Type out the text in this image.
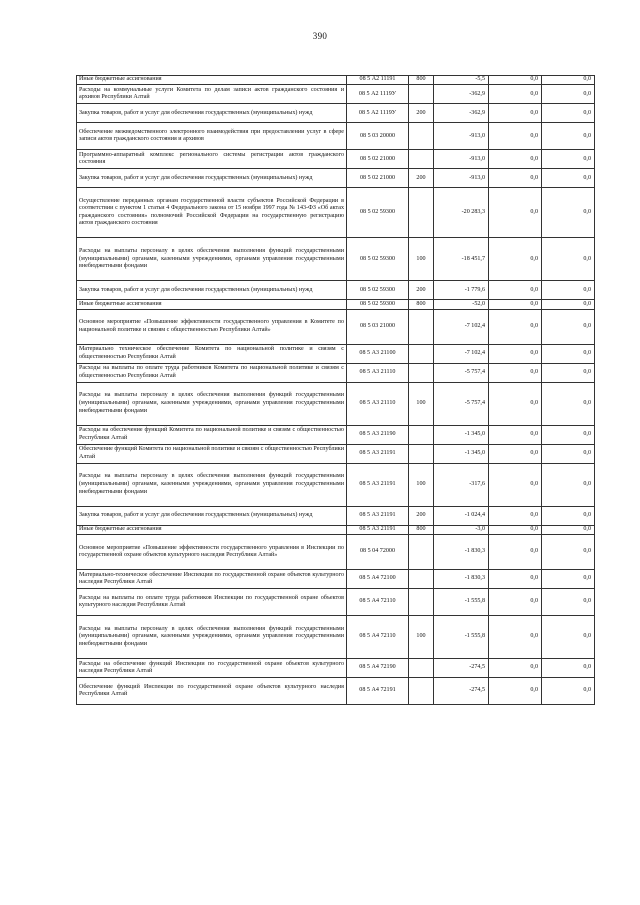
390
Иные бюджетные ассигнования	08 5 А2 11191	800	-5,5	0,0	0,0
Расходы на коммунальные услуги Комитета по делам записи актов гражданского состояния и архивов Республики Алтай	08 5 А2 1119У		-362,9	0,0	0,0
Закупка товаров, работ и услуг для обеспечения государственных (муниципальных) нужд	08 5 А2 1119У	200	-362,9	0,0	0,0
Обеспечение межведомственного электронного взаимодействия при предоставлении услуг в сфере записи актов гражданского состояния и архивов	08 5 03 20000		-913,0	0,0	0,0
Программно-аппаратный комплекс регионального системы регистрации актов гражданского состояния	08 5 02 21000		-913,0	0,0	0,0
Закупка товаров, работ и услуг для обеспечения государственных (муниципальных) нужд	08 5 02 21000	200	-913,0	0,0	0,0
Осуществление переданных органам государственной власти субъектов Российской Федерации в соответствии с пунктом 1 статьи 4 Федерального закона от 15 ноября 1997 года № 143-ФЗ «Об актах гражданского состояния» полномочий Российской Федерации на государственную регистрацию актов гражданского состояния	08 5 02 59300		-20 283,3	0,0	0,0
Расходы на выплаты персоналу в целях обеспечения выполнения функций государственными (муниципальными) органами, казенными учреждениями, органами управления государственными внебюджетными фондами	08 5 02 59300	100	-18 451,7	0,0	0,0
Закупка товаров, работ и услуг для обеспечения государственных (муниципальных) нужд	08 5 02 59300	200	-1 779,6	0,0	0,0
Иные бюджетные ассигнования	08 5 02 59300	800	-52,0	0,0	0,0
Основное мероприятие «Повышение эффективности государственного управления в Комитете по национальной политике и связям с общественностью Республики Алтай»	08 5 03 21000		-7 102,4	0,0	0,0
Материально техническое обеспечение Комитета по национальной политике и связям с общественностью Республики Алтай	08 5 А3 21100		-7 102,4	0,0	0,0
Расходы на выплаты по оплате труда работников Комитета по национальной политике и связям с общественностью Республики Алтай	08 5 А3 21110		-5 757,4	0,0	0,0
Расходы на выплаты персоналу в целях обеспечения выполнения функций государственными (муниципальными) органами, казенными учреждениями, органами управления государственными внебюджетными фондами	08 5 А3 21110	100	-5 757,4	0,0	0,0
Расходы на обеспечение функций Комитета по национальной политике и связям с общественностью Республики Алтай	08 5 А3 21190		-1 345,0	0,0	0,0
Обеспечение функций Комитета по национальной политике и связям с общественностью Республики Алтай	08 5 А3 21191		-1 345,0	0,0	0,0
Расходы на выплаты персоналу в целях обеспечения выполнения функций государственными (муниципальными) органами, казенными учреждениями, органами управления государственными внебюджетными фондами	08 5 А3 21191	100	-317,6	0,0	0,0
Закупка товаров, работ и услуг для обеспечения государственных (муниципальных) нужд	08 5 А3 21191	200	-1 024,4	0,0	0,0
Иные бюджетные ассигнования	08 5 А3 21191	800	-3,0	0,0	0,0
Основное мероприятие «Повышение эффективности государственного управления в Инспекции по государственной охране объектов культурного наследия Республики Алтай»	08 5 04 72000		-1 830,3	0,0	0,0
Материально-техническое обеспечение Инспекции по государственной охране объектов культурного наследия Республики Алтай	08 5 А4 72100		-1 830,3	0,0	0,0
Расходы на выплаты по оплате труда работников Инспекции по государственной охране объектов культурного наследия Республики Алтай	08 5 А4 72110		-1 555,8	0,0	0,0
Расходы на выплаты персоналу в целях обеспечения выполнения функций государственными (муниципальными) органами, казенными учреждениями, органами управления государственными внебюджетными фондами	08 5 А4 72110	100	-1 555,8	0,0	0,0
Расходы на обеспечение функций Инспекции по государственной охране объектов культурного наследия Республики Алтай	08 5 А4 72190		-274,5	0,0	0,0
Обеспечение функций Инспекции по государственной охране объектов культурного наследия Республики Алтай	08 5 А4 72191		-274,5	0,0	0,0
